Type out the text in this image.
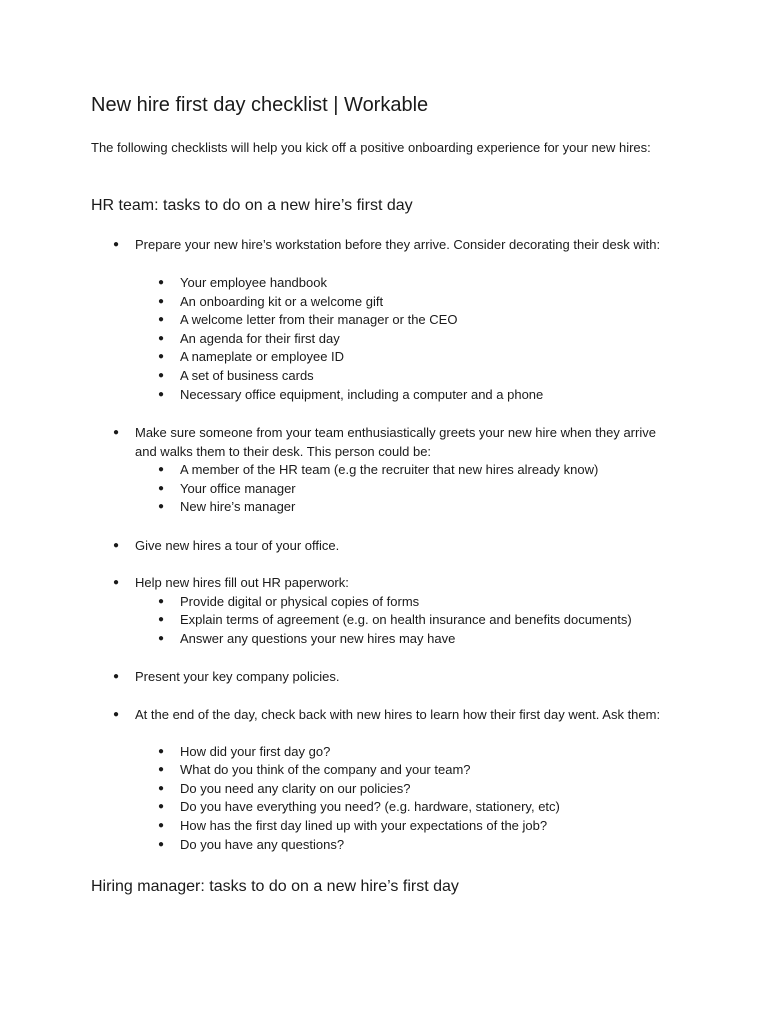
New hire first day checklist | Workable

The following checklists will help you kick off a positive onboarding experience for your new hires:

HR team: tasks to do on a new hire’s first day
● Prepare your new hire’s workstation before they arrive. Consider decorating their desk with:
● Your employee handbook
● An onboarding kit or a welcome gift
● A welcome letter from their manager or the CEO
● An agenda for their first day
● A nameplate or employee ID
● A set of business cards
● Necessary office equipment, including a computer and a phone
● Make sure someone from your team enthusiastically greets your new hire when they arrive and walks them to their desk. This person could be:
● A member of the HR team (e.g the recruiter that new hires already know)
● Your office manager
● New hire’s manager
● Give new hires a tour of your office.
● Help new hires fill out HR paperwork:
● Provide digital or physical copies of forms
● Explain terms of agreement (e.g. on health insurance and benefits documents)
● Answer any questions your new hires may have
● Present your key company policies.
● At the end of the day, check back with new hires to learn how their first day went. Ask them:
● How did your first day go?
● What do you think of the company and your team?
● Do you need any clarity on our policies?
● Do you have everything you need? (e.g. hardware, stationery, etc)
● How has the first day lined up with your expectations of the job?
● Do you have any questions?
Hiring manager: tasks to do on a new hire’s first day
